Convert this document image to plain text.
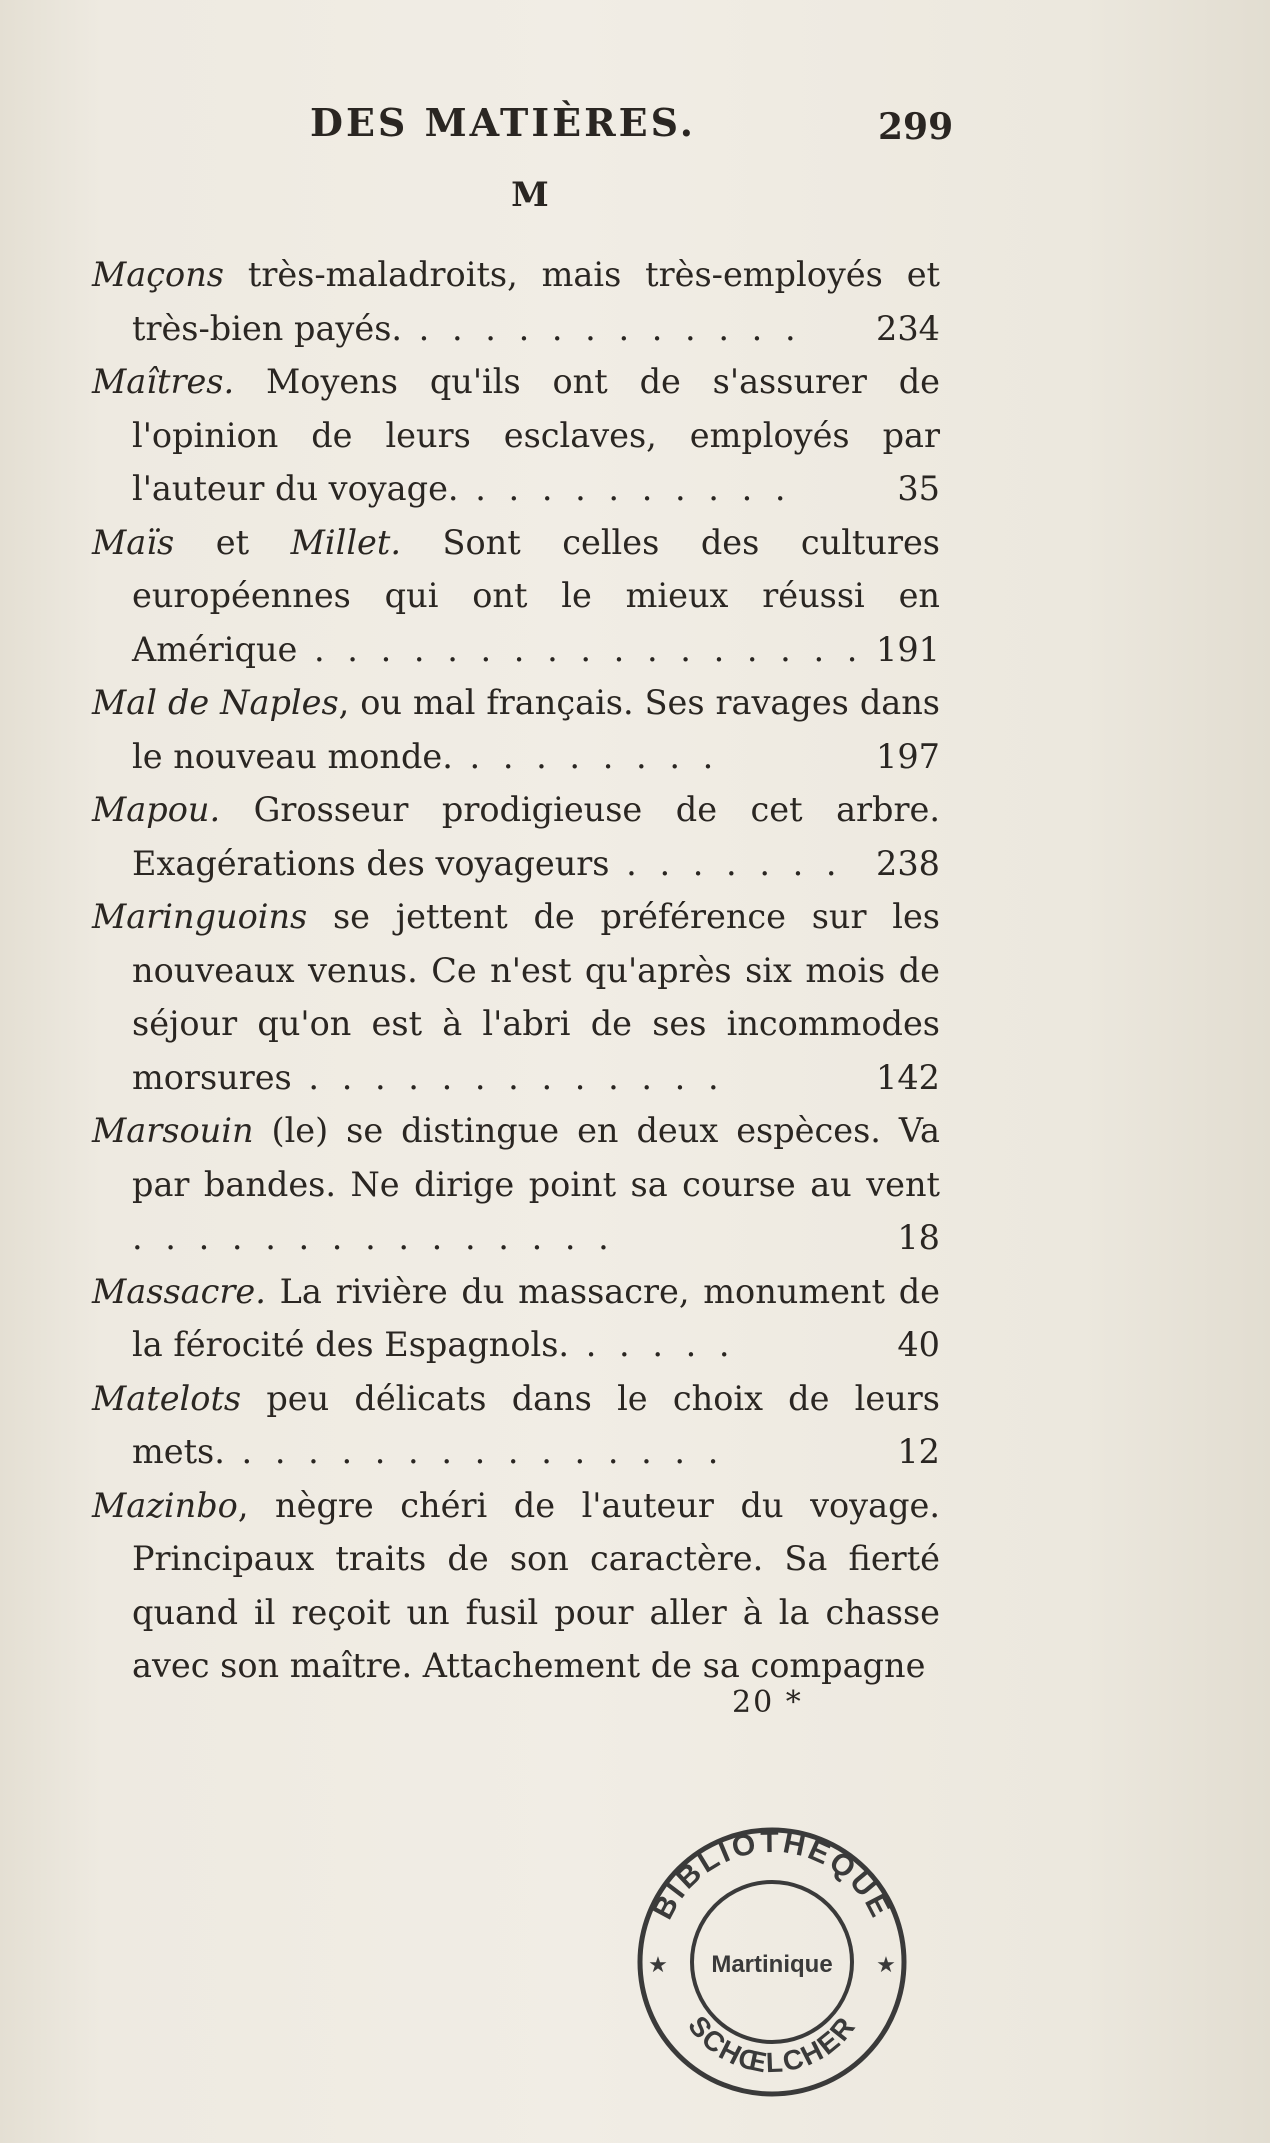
DES MATIÈRES.	299
M

Maçons très-maladroits, mais très-employés et très-bien payés. . . . . . . . . . . . . 234

Maîtres. Moyens qu'ils ont de s'assurer de l'opinion de leurs esclaves, employés par l'auteur du voyage. . . . . . . . . . .	35

Maïs et Millet. Sont celles des cultures européennes qui ont le mieux réussi en Amérique . . . . . . . . . . . . . . . . . 191

Mal de Naples, ou mal français. Ses ravages dans le nouveau monde. . . . . . . . .	197

Mapou. Grosseur prodigieuse de cet arbre. Exagérations des voyageurs . . . . . . . 238

Maringuoins se jettent de préférence sur les nouveaux venus. Ce n'est qu'après six mois de séjour qu'on est à l'abri de ses incommodes morsures . . . . . . . . . . . . .	142

Marsouin (le) se distingue en deux espèces. Va par bandes. Ne dirige point sa course au vent . . . . . . . . . . . . . . .	18

Massacre. La rivière du massacre, monument de la férocité des Espagnols. . . . . .	40

Matelots peu délicats dans le choix de leurs mets. . . . . . . . . . . . . . . .	12

Mazinbo, nègre chéri de l'auteur du voyage. Principaux traits de son caractère. Sa fierté quand il reçoit un fusil pour aller à la chasse avec son maître. Attachement de sa compagne

20 *
BIBLIOTHEQUE
SCHŒLCHER
Martinique
★	★
